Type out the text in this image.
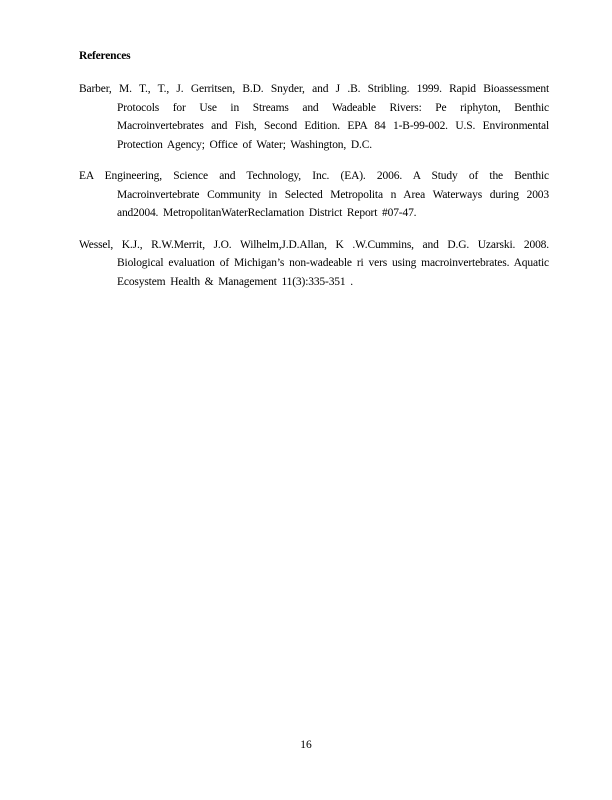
References

Barber, M. T., T., J. Gerritsen, B.D. Snyder, and J .B. Stribling. 1999. Rapid Bioassessment Protocols for Use in Streams and Wadeable Rivers: Pe riphyton, Benthic Macroinvertebrates and Fish, Second Edition. EPA 84 1-B-99-002. U.S. Environmental Protection Agency; Office of Water; Washington, D.C.

EA Engineering, Science and Technology, Inc. (EA). 2006. A Study of the Benthic Macroinvertebrate Community in Selected Metropolita n Area Waterways during 2003 and2004. MetropolitanWaterReclamation District Report #07-47.

Wessel, K.J., R.W.Merrit, J.O. Wilhelm,J.D.Allan, K .W.Cummins, and D.G. Uzarski. 2008. Biological evaluation of Michigan’s non-wadeable ri vers using macroinvertebrates. Aquatic Ecosystem Health & Management 11(3):335-351 .

16
